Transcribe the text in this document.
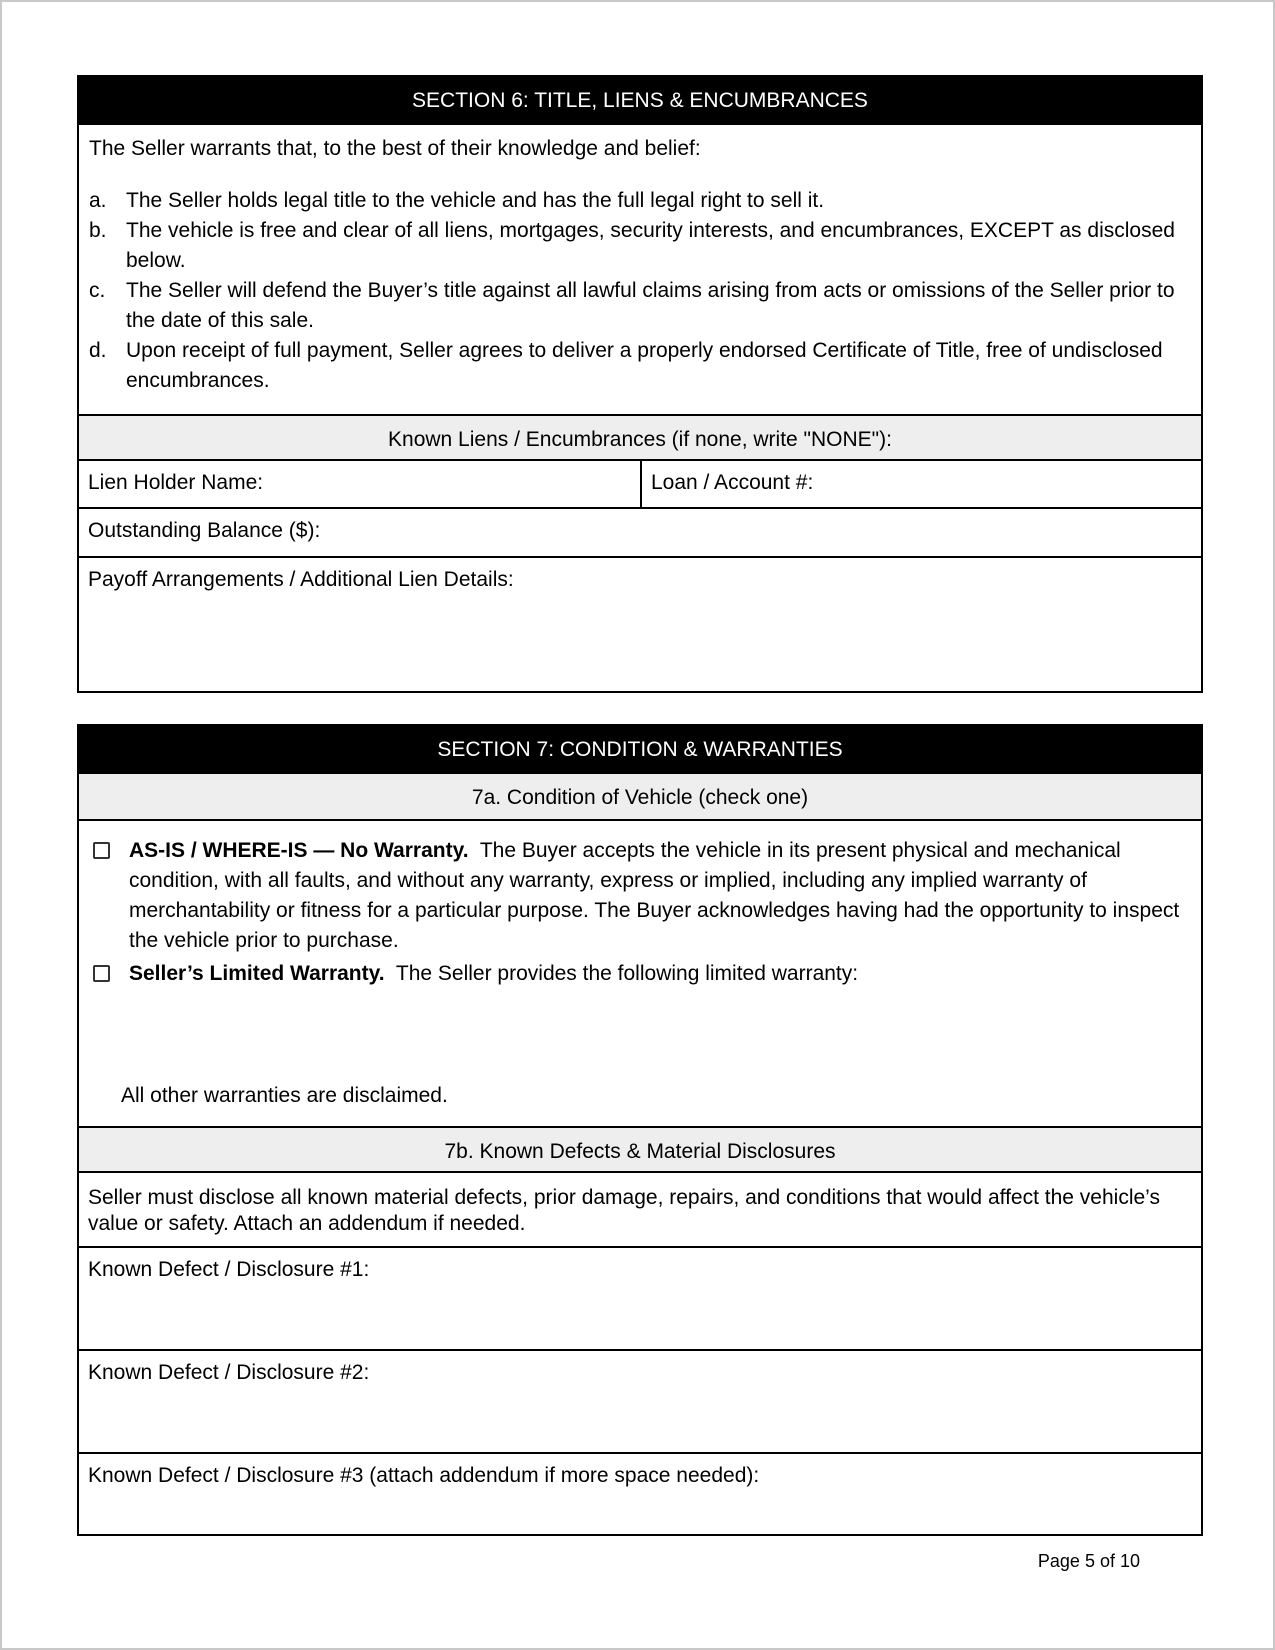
SECTION 6: TITLE, LIENS & ENCUMBRANCES
The Seller warrants that, to the best of their knowledge and belief:
a. The Seller holds legal title to the vehicle and has the full legal right to sell it.
b. The vehicle is free and clear of all liens, mortgages, security interests, and encumbrances, EXCEPT as disclosed below.
c. The Seller will defend the Buyer’s title against all lawful claims arising from acts or omissions of the Seller prior to the date of this sale.
d. Upon receipt of full payment, Seller agrees to deliver a properly endorsed Certificate of Title, free of undisclosed encumbrances.
Known Liens / Encumbrances (if none, write "NONE"):
Lien Holder Name:	Loan / Account #:
Outstanding Balance ($):
Payoff Arrangements / Additional Lien Details:
SECTION 7: CONDITION & WARRANTIES
7a. Condition of Vehicle (check one)
AS-IS / WHERE-IS — No Warranty. The Buyer accepts the vehicle in its present physical and mechanical condition, with all faults, and without any warranty, express or implied, including any implied warranty of merchantability or fitness for a particular purpose. The Buyer acknowledges having had the opportunity to inspect the vehicle prior to purchase.
Seller’s Limited Warranty. The Seller provides the following limited warranty:
All other warranties are disclaimed.
7b. Known Defects & Material Disclosures
Seller must disclose all known material defects, prior damage, repairs, and conditions that would affect the vehicle’s value or safety. Attach an addendum if needed.
Known Defect / Disclosure #1:
Known Defect / Disclosure #2:
Known Defect / Disclosure #3 (attach addendum if more space needed):
Page 5 of 10
